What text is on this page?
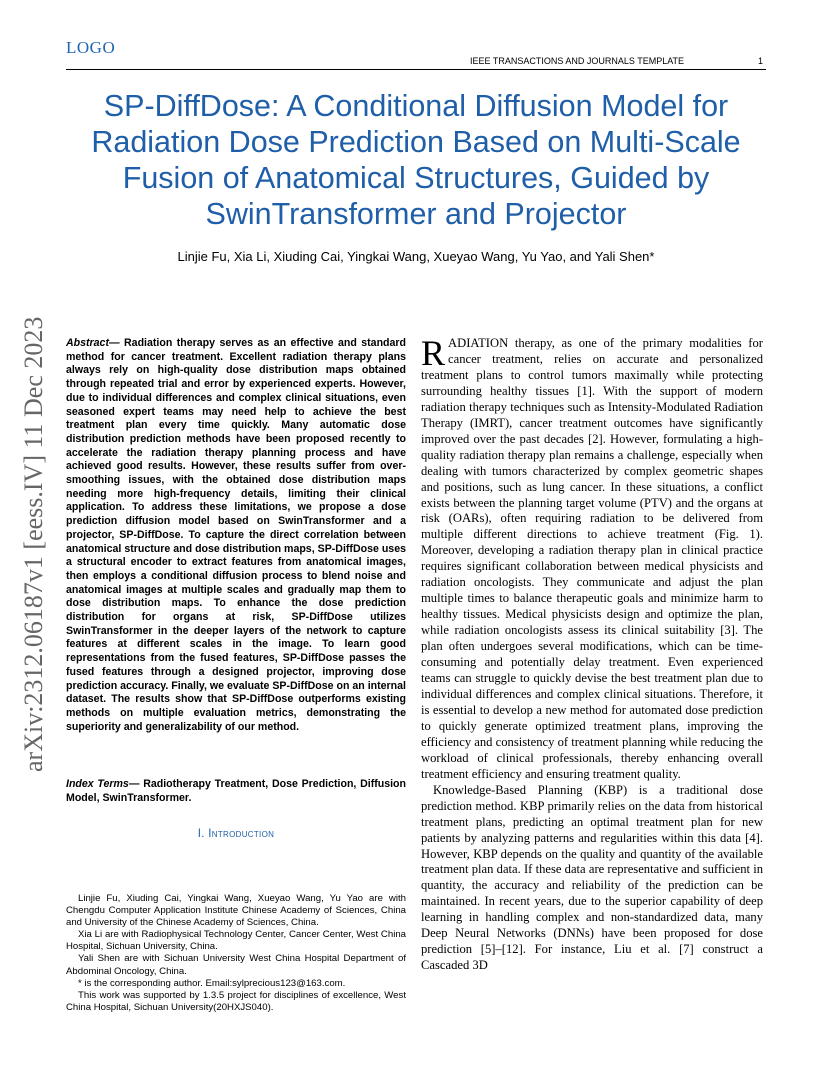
LOGO
IEEE TRANSACTIONS AND JOURNALS TEMPLATE	1
SP-DiffDose: A Conditional Diffusion Model for Radiation Dose Prediction Based on Multi-Scale Fusion of Anatomical Structures, Guided by SwinTransformer and Projector
Linjie Fu, Xia Li, Xiuding Cai, Yingkai Wang, Xueyao Wang, Yu Yao, and Yali Shen*
arXiv:2312.06187v1 [eess.IV] 11 Dec 2023 Abstract— Radiation therapy serves as an effective and standard method for cancer treatment. Excellent radiation therapy plans always rely on high-quality dose distribution maps obtained through repeated trial and error by experienced experts. However, due to individual differences and complex clinical situations, even seasoned expert teams may need help to achieve the best treatment plan every time quickly. Many automatic dose distribution prediction methods have been proposed recently to accelerate the radiation therapy planning process and have achieved good results. However, these results suffer from over-smoothing issues, with the obtained dose distribution maps needing more high-frequency details, limiting their clinical application. To address these limitations, we propose a dose prediction diffusion model based on SwinTransformer and a projector, SP-DiffDose. To capture the direct correlation between anatomical structure and dose distribution maps, SP-DiffDose uses a structural encoder to extract features from anatomical images, then employs a conditional diffusion process to blend noise and anatomical images at multiple scales and gradually map them to dose distribution maps. To enhance the dose prediction distribution for organs at risk, SP-DiffDose utilizes SwinTransformer in the deeper layers of the network to capture features at different scales in the image. To learn good representations from the fused features, SP-DiffDose passes the fused features through a designed projector, improving dose prediction accuracy. Finally, we evaluate SP-DiffDose on an internal dataset. The results show that SP-DiffDose outperforms existing methods on multiple evaluation metrics, demonstrating the superiority and generalizability of our method.
Index Terms— Radiotherapy Treatment, Dose Prediction, Diffusion Model, SwinTransformer.
I. Introduction

Linjie Fu, Xiuding Cai, Yingkai Wang, Xueyao Wang, Yu Yao are with Chengdu Computer Application Institute Chinese Academy of Sciences, China and University of the Chinese Academy of Sciences, China.

Xia Li are with Radiophysical Technology Center, Cancer Center, West China Hospital, Sichuan University, China.

Yali Shen are with Sichuan University West China Hospital Department of Abdominal Oncology, China.

* is the corresponding author. Email:sylprecious123@163.com.

This work was supported by 1.3.5 project for disciplines of excellence, West China Hospital, Sichuan University(20HXJS040).

RADIATION therapy, as one of the primary modalities for cancer treatment, relies on accurate and personalized treatment plans to control tumors maximally while protecting surrounding healthy tissues [1]. With the support of modern radiation therapy techniques such as Intensity-Modulated Radiation Therapy (IMRT), cancer treatment outcomes have significantly improved over the past decades [2]. However, formulating a high-quality radiation therapy plan remains a challenge, especially when dealing with tumors characterized by complex geometric shapes and positions, such as lung cancer. In these situations, a conflict exists between the planning target volume (PTV) and the organs at risk (OARs), often requiring radiation to be delivered from multiple different directions to achieve treatment (Fig. 1). Moreover, developing a radiation therapy plan in clinical practice requires significant collaboration between medical physicists and radiation oncologists. They communicate and adjust the plan multiple times to balance therapeutic goals and minimize harm to healthy tissues. Medical physicists design and optimize the plan, while radiation oncologists assess its clinical suitability [3]. The plan often undergoes several modifications, which can be time-consuming and potentially delay treatment. Even experienced teams can struggle to quickly devise the best treatment plan due to individual differences and complex clinical situations. Therefore, it is essential to develop a new method for automated dose prediction to quickly generate optimized treatment plans, improving the efficiency and consistency of treatment planning while reducing the workload of clinical professionals, thereby enhancing overall treatment efficiency and ensuring treatment quality.

Knowledge-Based Planning (KBP) is a traditional dose prediction method. KBP primarily relies on the data from historical treatment plans, predicting an optimal treatment plan for new patients by analyzing patterns and regularities within this data [4]. However, KBP depends on the quality and quantity of the available treatment plan data. If these data are representative and sufficient in quantity, the accuracy and reliability of the prediction can be maintained. In recent years, due to the superior capability of deep learning in handling complex and non-standardized data, many Deep Neural Networks (DNNs) have been proposed for dose prediction [5]–[12]. For instance, Liu et al. [7] construct a Cascaded 3D
